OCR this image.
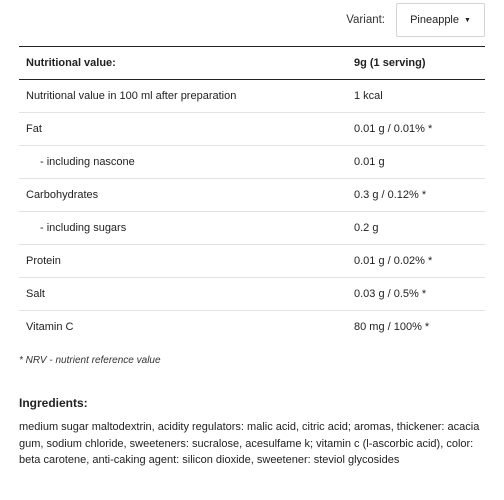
Variant: Pineapple ▼
Nutritional value:	9g (1 serving)
Nutritional value in 100 ml after preparation	1 kcal
Fat	0.01 g / 0.01% *
- including nascone	0.01 g
Carbohydrates	0.3 g / 0.12% *
- including sugars	0.2 g
Protein	0.01 g / 0.02% *
Salt	0.03 g / 0.5% *
Vitamin C	80 mg / 100% *
* NRV - nutrient reference value
Ingredients:
medium sugar maltodextrin, acidity regulators: malic acid, citric acid; aromas, thickener: acacia gum, sodium chloride, sweeteners: sucralose, acesulfame k; vitamin c (l-ascorbic acid), color: beta carotene, anti-caking agent: silicon dioxide, sweetener: steviol glycosides
